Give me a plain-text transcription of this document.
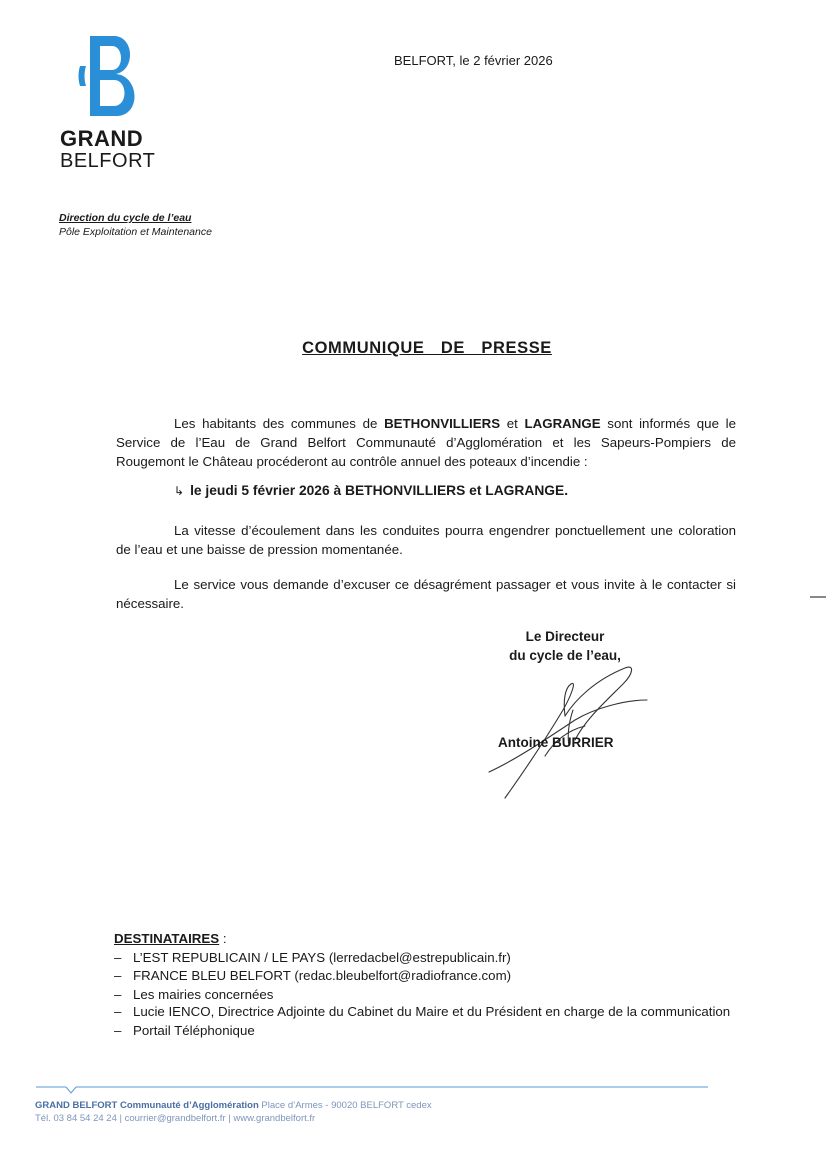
GRAND
BELFORT
BELFORT, le 2 février 2026
Direction du cycle de l’eau
Pôle Exploitation et Maintenance
COMMUNIQUE  DE  PRESSE
Les habitants des communes de BETHONVILLIERS et LAGRANGE sont informés que le Service de l’Eau de Grand Belfort Communauté d’Agglomération et les Sapeurs-Pompiers de Rougemont le Château procéderont au contrôle annuel des poteaux d’incendie :
↳ le jeudi 5 février 2026 à BETHONVILLIERS et LAGRANGE.
La vitesse d’écoulement dans les conduites pourra engendrer ponctuellement une coloration de l’eau et une baisse de pression momentanée.
Le service vous demande d’excuser ce désagrément passager et vous invite à le contacter si nécessaire.
Le Directeur
du cycle de l’eau,
Antoine BURRIER
DESTINATAIRES :
– L’EST REPUBLICAIN / LE PAYS (lerredacbel@estrepublicain.fr)
– FRANCE BLEU BELFORT (redac.bleubelfort@radiofrance.com)
– Les mairies concernées
– Lucie IENCO, Directrice Adjointe du Cabinet du Maire et du Président en charge de la communication
– Portail Téléphonique
GRAND BELFORT Communauté d’Agglomération Place d’Armes - 90020 BELFORT cedex
Tél. 03 84 54 24 24 | courrier@grandbelfort.fr | www.grandbelfort.fr
